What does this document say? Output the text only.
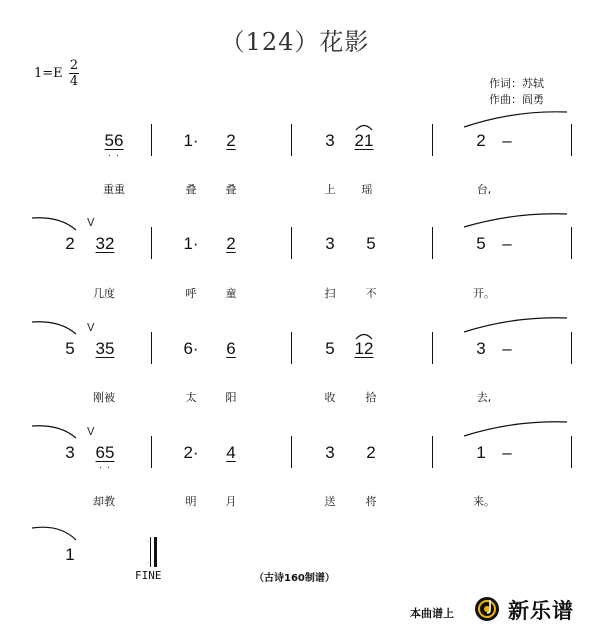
（124）花影
1=E
2
4	作词：苏轼
作曲：阎勇
56 · ·	1·	2	3	21	2 –
重重	叠	叠	上	瑶	台,
V
2	32	1·	2	3	5	5 –
几度	呼	童	扫	不	开。
V
5	35	6·	6	5	12	3 –
刚被	太	阳	收	拾	去,
V
3	65 · ·	2·	4	3	2	1 –
却教	明	月	送	将	来。
1
FINE	（古诗160制谱）
本曲谱上	新乐谱
